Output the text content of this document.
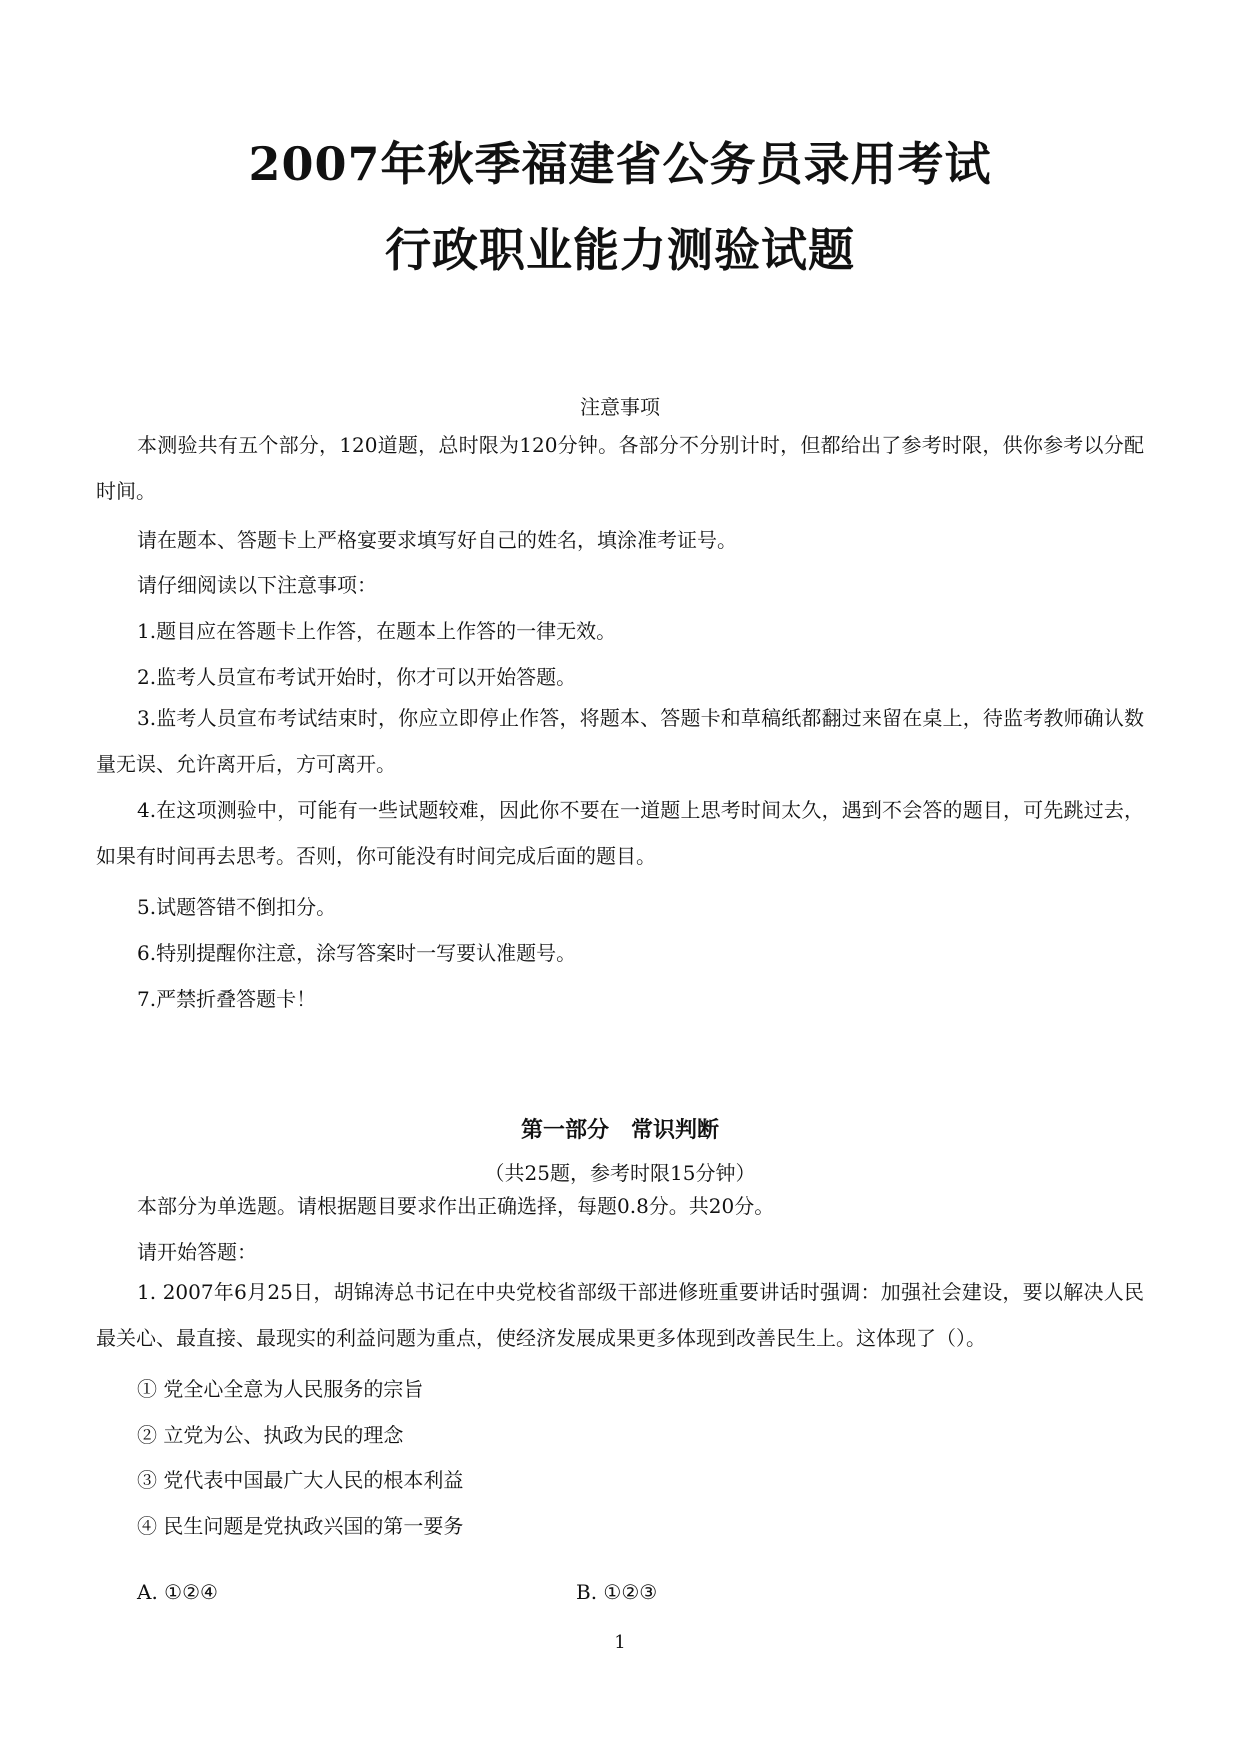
2007年秋季福建省公务员录用考试
行政职业能力测验试题
注意事项

本测验共有五个部分，120道题，总时限为120分钟。各部分不分别计时，但都给出了参考时限，供你参考以分配时间。

请在题本、答题卡上严格宴要求填写好自己的姓名，填涂准考证号。

请仔细阅读以下注意事项：

1.题目应在答题卡上作答，在题本上作答的一律无效。

2.监考人员宣布考试开始时，你才可以开始答题。

3.监考人员宣布考试结束时，你应立即停止作答，将题本、答题卡和草稿纸都翻过来留在桌上，待监考教师确认数量无误、允许离开后，方可离开。

4.在这项测验中，可能有一些试题较难，因此你不要在一道题上思考时间太久，遇到不会答的题目，可先跳过去，如果有时间再去思考。否则，你可能没有时间完成后面的题目。

5.试题答错不倒扣分。

6.特别提醒你注意，涂写答案时一写要认准题号。

7.严禁折叠答题卡！

第一部分　常识判断
（共25题，参考时限15分钟）

本部分为单选题。请根据题目要求作出正确选择，每题0.8分。共20分。

请开始答题：

1. 2007年6月25日，胡锦涛总书记在中央党校省部级干部进修班重要讲话时强调：加强社会建设，要以解决人民最关心、最直接、最现实的利益问题为重点，使经济发展成果更多体现到改善民生上。这体现了（）。

① 党全心全意为人民服务的宗旨

② 立党为公、执政为民的理念

③ 党代表中国最广大人民的根本利益

④ 民生问题是党执政兴国的第一要务

A. ①②④	B. ①②③
1
